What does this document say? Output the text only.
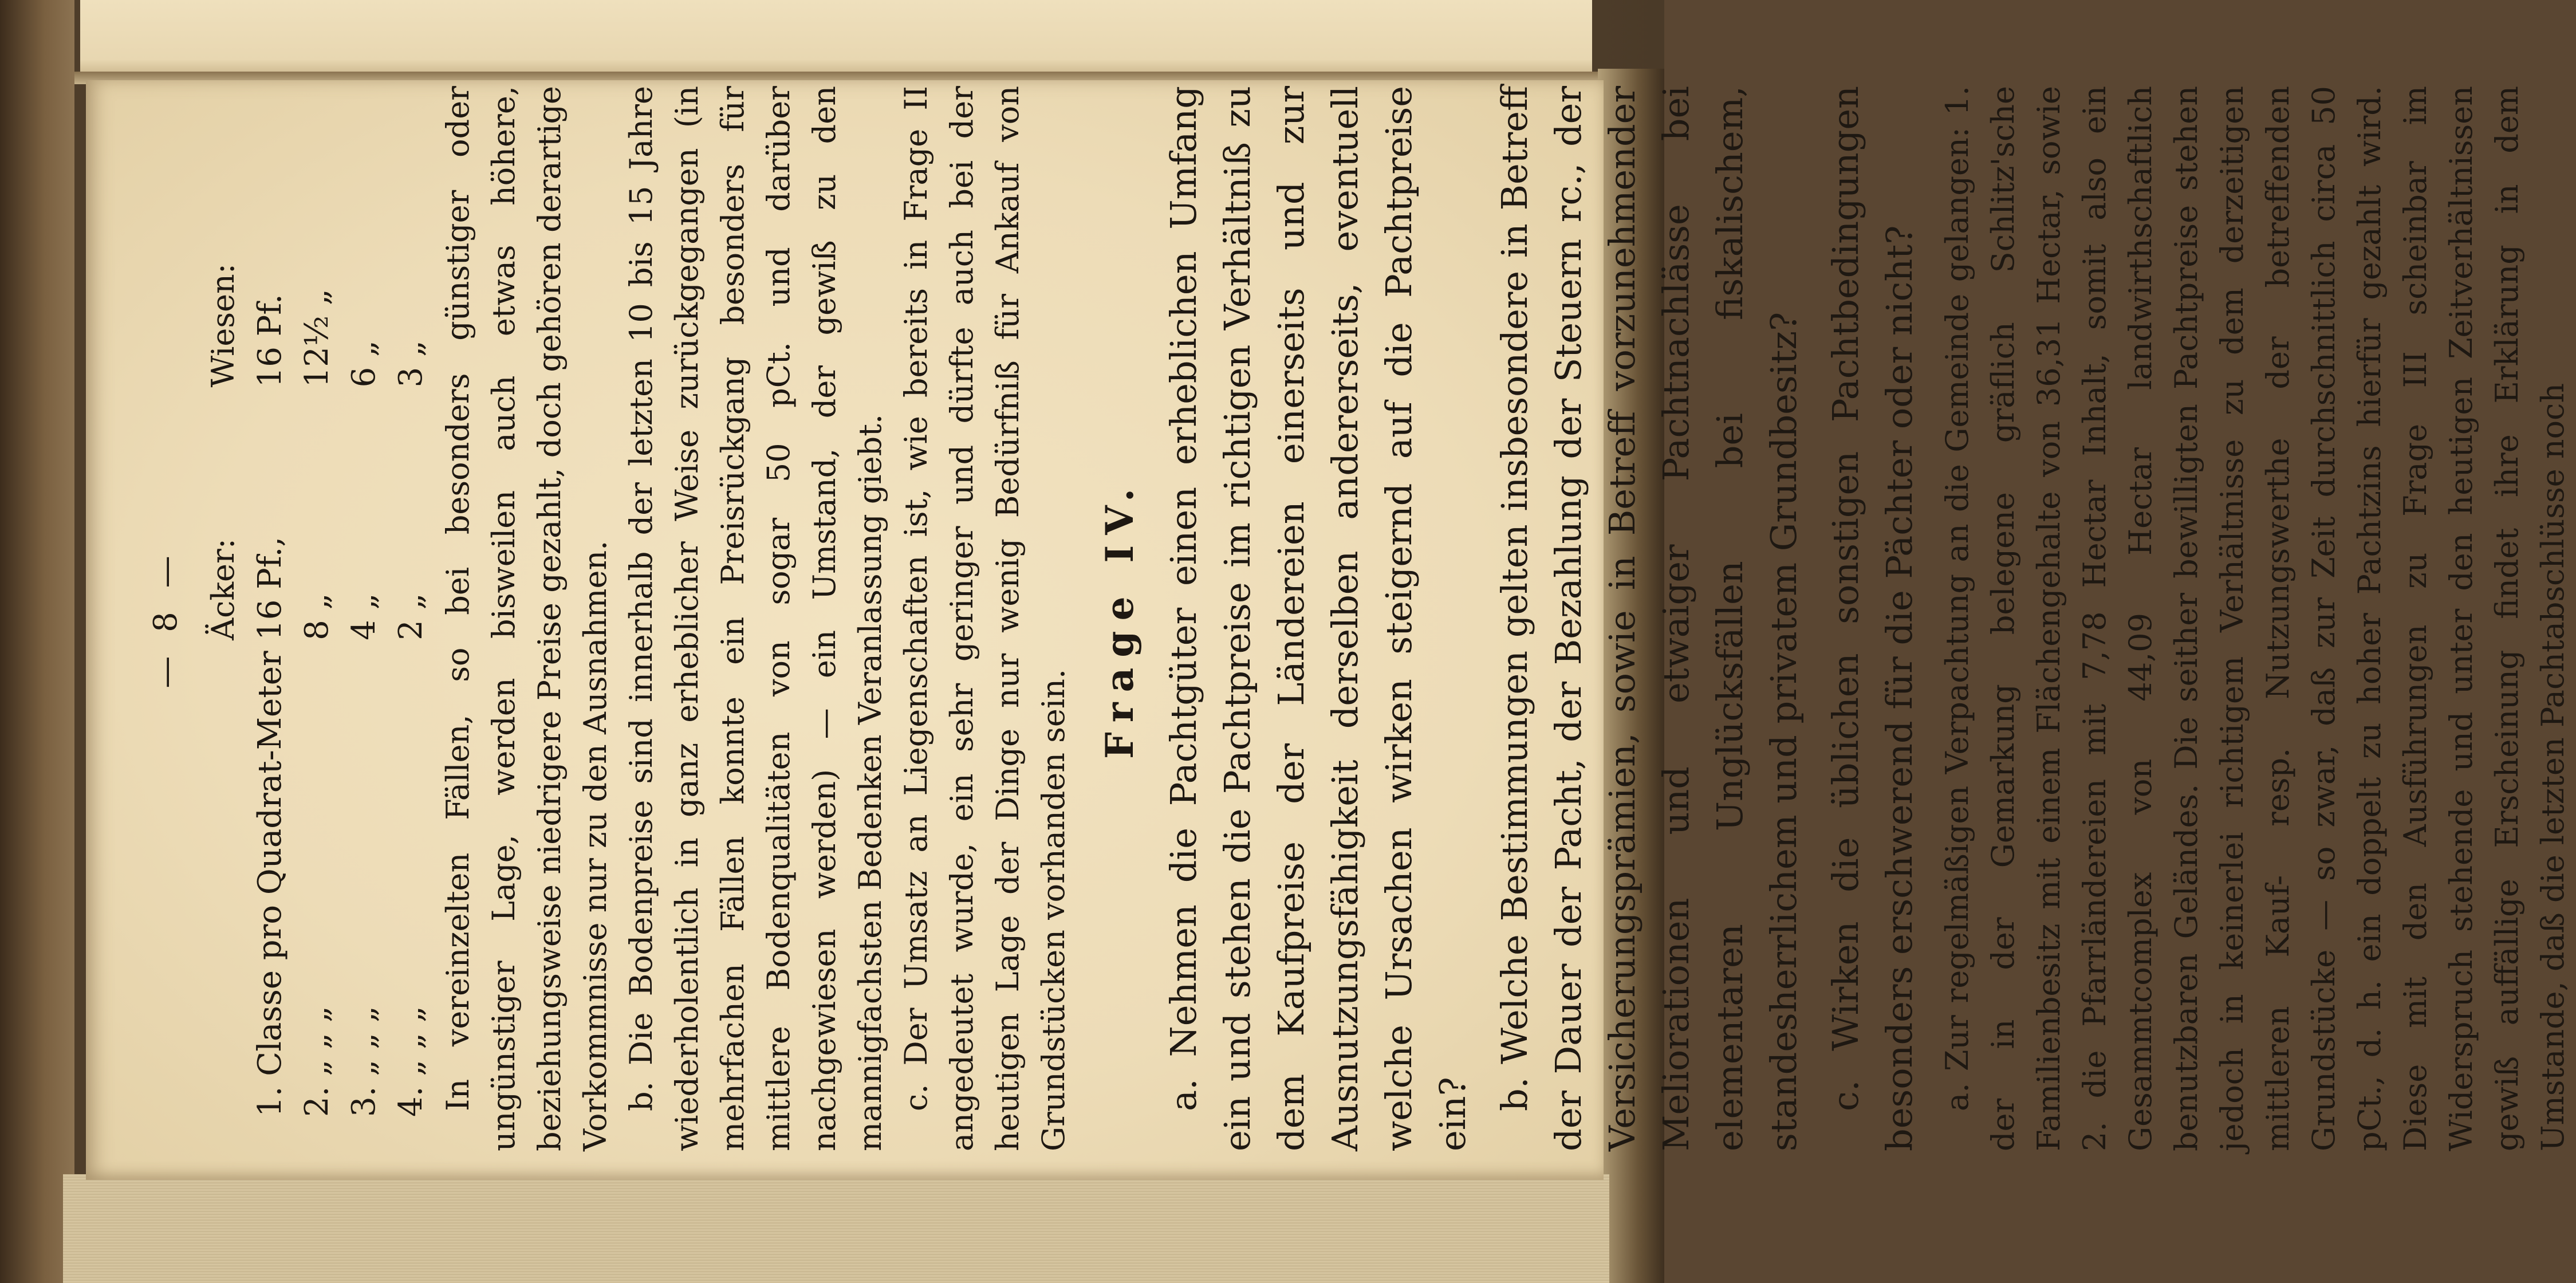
— 8 — Äcker:
Wiesen:
1. Classe pro Quadrat-Meter
16 Pf.,
16 Pf.
2. „ „ „
8 „
12½ „
3. „ „ „
4 „
6 „
4. „ „ „
2 „
3 „ In vereinzelten Fällen, so bei besonders günstiger oder ungünstiger Lage, werden bisweilen auch etwas höhere, beziehungsweise niedrigere Preise gezahlt, doch gehören derartige Vorkommnisse nur zu den Ausnahmen. b. Die Bodenpreise sind innerhalb der letzten 10 bis 15 Jahre wiederholentlich in ganz erheblicher Weise zurückgegangen (in mehrfachen Fällen konnte ein Preisrückgang besonders für mittlere Bodenqualitäten von sogar 50 pCt. und darüber nachgewiesen werden) — ein Umstand, der gewiß zu den mannigfachsten Bedenken Veranlassung giebt. c. Der Umsatz an Liegenschaften ist, wie bereits in Frage II angedeutet wurde, ein sehr geringer und dürfte auch bei der heutigen Lage der Dinge nur wenig Bedürfniß für Ankauf von Grundstücken vorhanden sein.

Frage IV. a. Nehmen die Pachtgüter einen erheblichen Umfang ein und stehen die Pachtpreise im richtigen Verhältniß zu dem Kaufpreise der Ländereien einerseits und zur Ausnutzungsfähigkeit derselben andererseits, eventuell welche Ursachen wirken steigernd auf die Pachtpreise ein?

b. Welche Bestimmungen gelten insbesondere in Betreff der Dauer der Pacht, der Bezahlung der Steuern rc., der Versicherungsprämien, sowie in Betreff vorzunehmender Meliorationen und etwaiger Pachtnachlässe bei elementaren Unglücksfällen bei fiskalischem, standesherrlichem und privatem Grundbesitz? c. Wirken die üblichen sonstigen Pachtbedingungen besonders erschwerend für die Pächter oder nicht? a. Zur regelmäßigen Verpachtung an die Gemeinde gelangen: 1. der in der Gemarkung belegene gräflich Schlitz'sche Familienbesitz mit einem Flächengehalte von 36,31 Hectar, sowie 2. die Pfarrländereien mit 7,78 Hectar Inhalt, somit also ein Gesammtcomplex von 44,09 Hectar landwirthschaftlich benutzbaren Geländes. Die seither bewilligten Pachtpreise stehen jedoch in keinerlei richtigem Verhältnisse zu dem derzeitigen mittleren Kauf- resp. Nutzungswerthe der betreffenden Grundstücke — so zwar, daß zur Zeit durchschnittlich circa 50 pCt., d. h. ein doppelt zu hoher Pachtzins hierfür gezahlt wird. Diese mit den Ausführungen zu Frage III scheinbar im Widerspruch stehende und unter den heutigen Zeitverhältnissen gewiß auffällige Erscheinung findet ihre Erklärung in dem Umstande, daß die letzten Pachtabschlüsse noch
